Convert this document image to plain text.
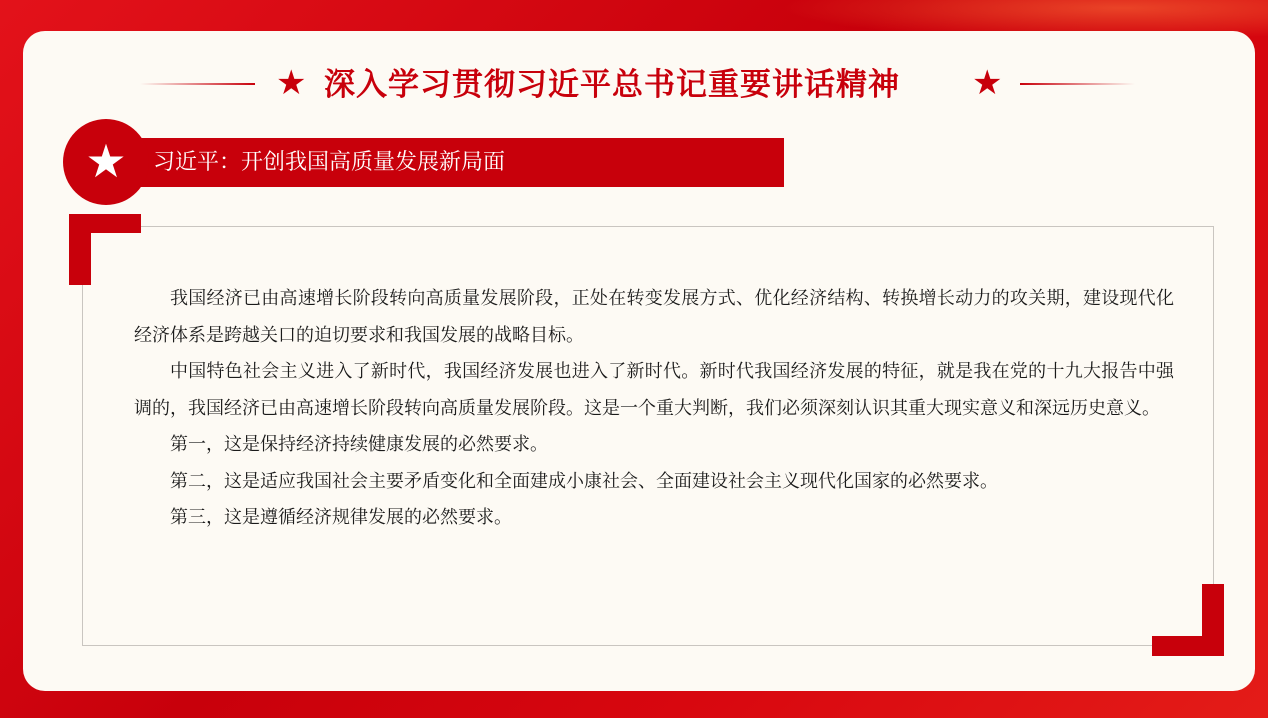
★ 深入学习贯彻习近平总书记重要讲话精神	★
★	习近平：开创我国高质量发展新局面

我国经济已由高速增长阶段转向高质量发展阶段，正处在转变发展方式、优化经济结构、转换增长动力的攻关期，建设现代化经济体系是跨越关口的迫切要求和我国发展的战略目标。

中国特色社会主义进入了新时代，我国经济发展也进入了新时代。新时代我国经济发展的特征，就是我在党的十九大报告中强调的，我国经济已由高速增长阶段转向高质量发展阶段。这是一个重大判断，我们必须深刻认识其重大现实意义和深远历史意义。

第一，这是保持经济持续健康发展的必然要求。

第二，这是适应我国社会主要矛盾变化和全面建成小康社会、全面建设社会主义现代化国家的必然要求。

第三，这是遵循经济规律发展的必然要求。
